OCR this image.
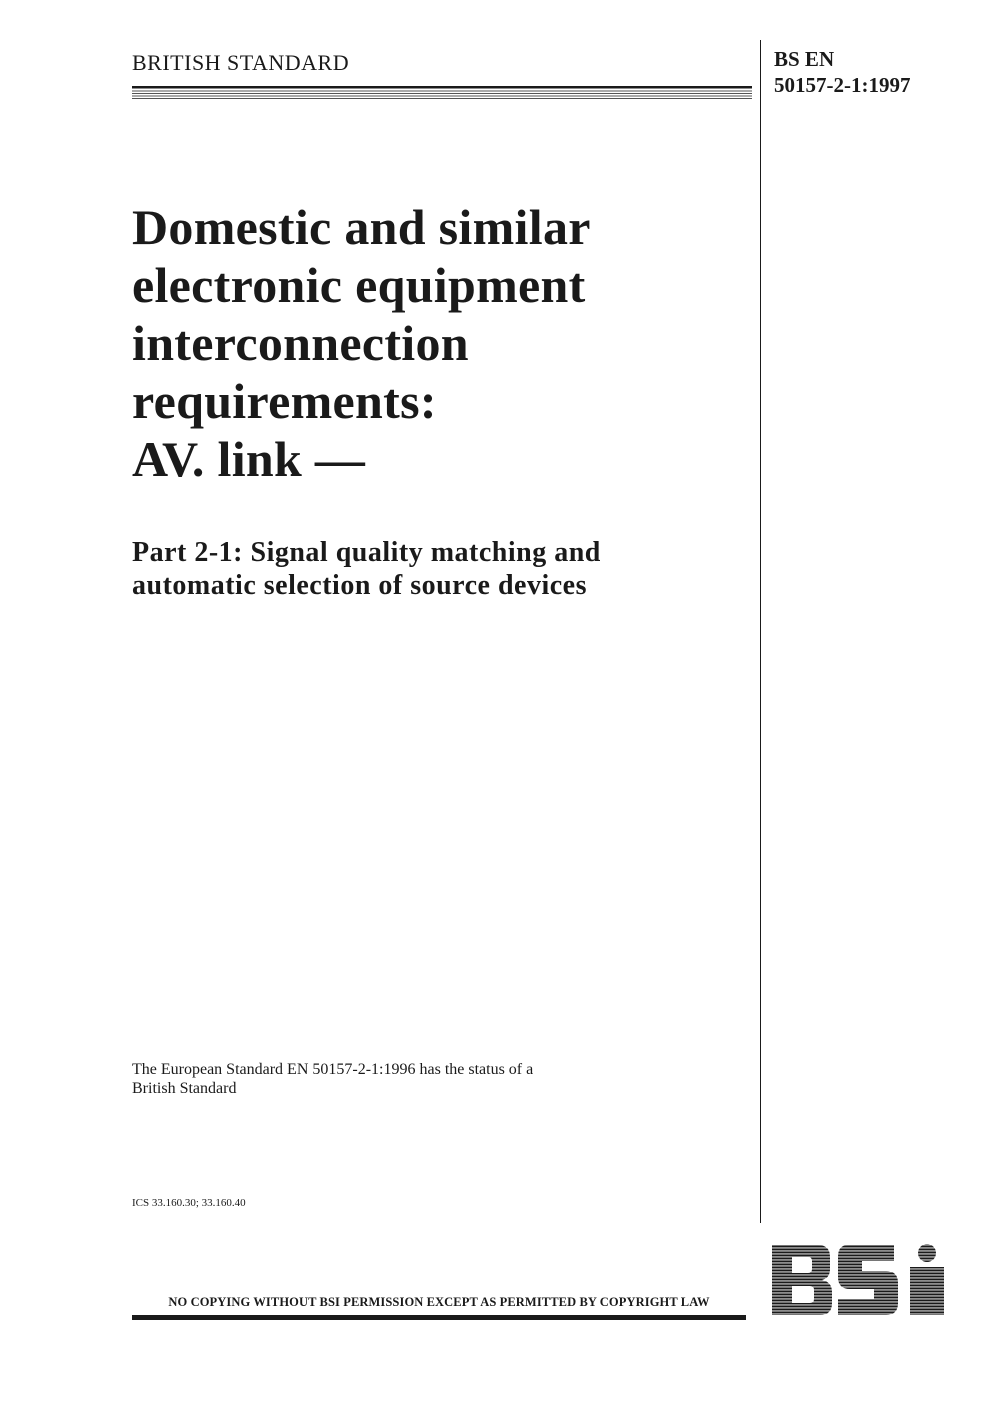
BRITISH STANDARD	BS EN
50157-2-1:1997
Domestic and similar
electronic equipment
interconnection
requirements:
AV. link —
Part 2-1: Signal quality matching and
automatic selection of source devices
The European Standard EN 50157-2-1:1996 has the status of a
British Standard
ICS 33.160.30; 33.160.40
NO COPYING WITHOUT BSI PERMISSION EXCEPT AS PERMITTED BY COPYRIGHT LAW
